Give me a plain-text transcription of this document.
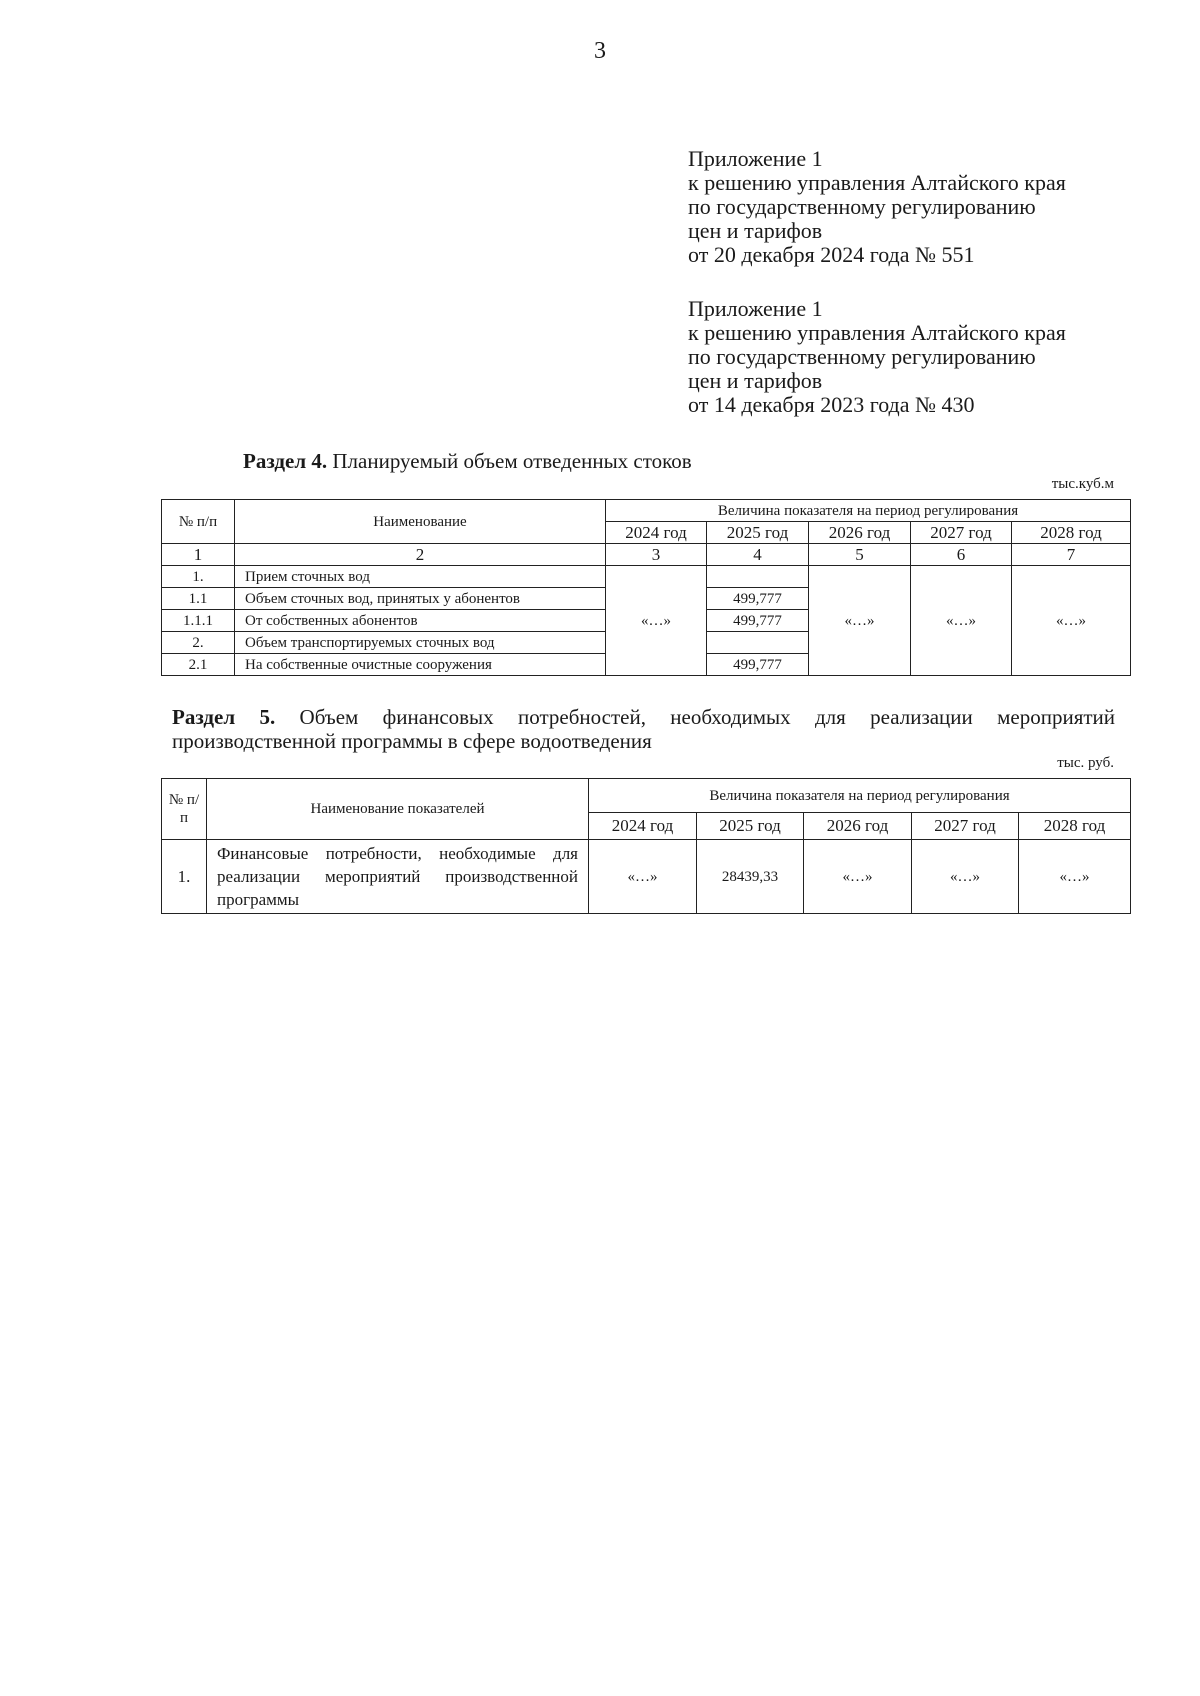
3
Приложение 1
к решению управления Алтайского края
по государственному регулированию
цен и тарифов
от 20 декабря 2024 года № 551
Приложение 1
к решению управления Алтайского края
по государственному регулированию
цен и тарифов
от 14 декабря 2023 года № 430
Раздел 4. Планируемый объем отведенных стоков
тыс.куб.м
№ п/п	Наименование	Величина показателя на период регулирования				
		2024 год	2025 год	2026 год	2027 год	2028 год
1	2	3	4	5	6	7
1.	Прием сточных вод	«…»		«…»	«…»	«…»
1.1	Объем сточных вод, принятых у абонентов		499,777			
1.1.1	От собственных абонентов		499,777			
2.	Объем транспортируемых сточных вод					
2.1	На собственные очистные сооружения		499,777			
Раздел 5. Объем финансовых потребностей, необходимых для реализации мероприятий производственной программы в сфере водоотведения
тыс. руб.
№ п/п	Наименование показателей	Величина показателя на период регулирования				
		2024 год	2025 год	2026 год	2027 год	2028 год
1.	Финансовые потребности, необходимые для реализации мероприятий производственной программы	«…»	28439,33	«…»	«…»	«…»
